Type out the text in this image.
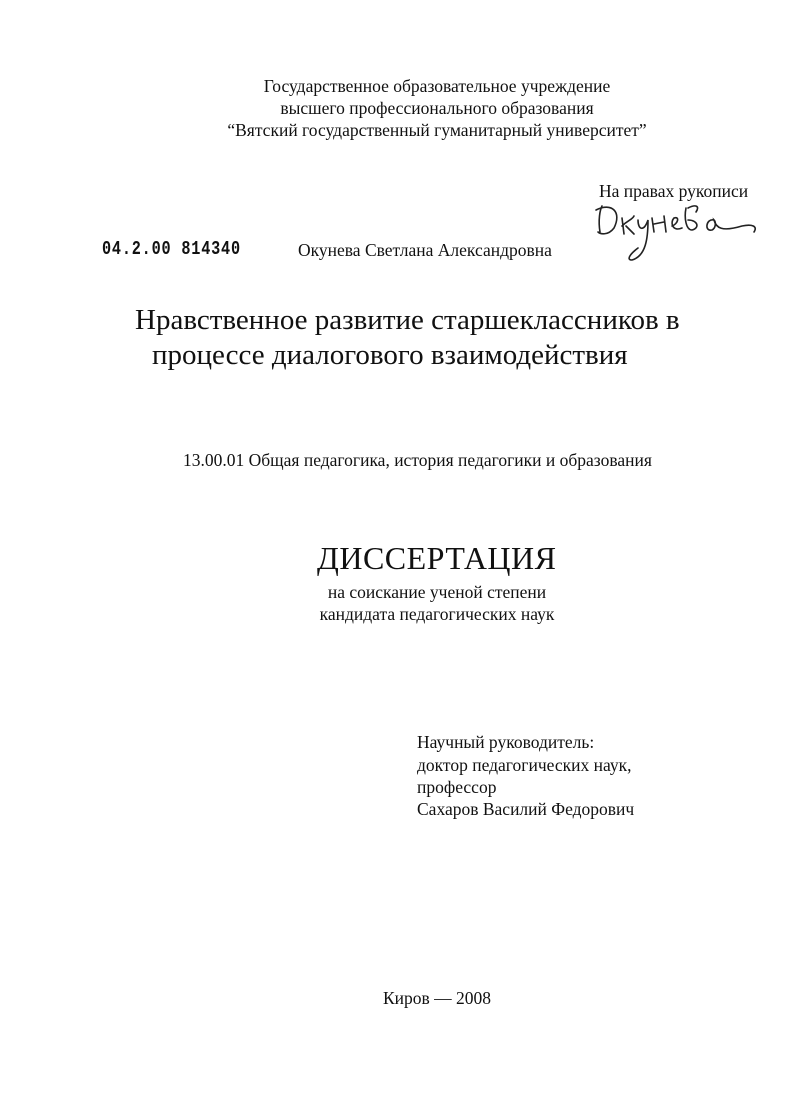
Государственное образовательное учреждение
высшего профессионального образования
“Вятский государственный гуманитарный университет”
На правах рукописи
04.2.00 814340	Окунева Светлана Александровна
Нравственное развитие старшеклассников в
процессе диалогового взаимодействия
13.00.01 Общая педагогика, история педагогики и образования
ДИССЕРТАЦИЯ
на соискание ученой степени
кандидата педагогических наук
Научный руководитель:
доктор педагогических наук,
профессор
Сахаров Василий Федорович
Киров — 2008
